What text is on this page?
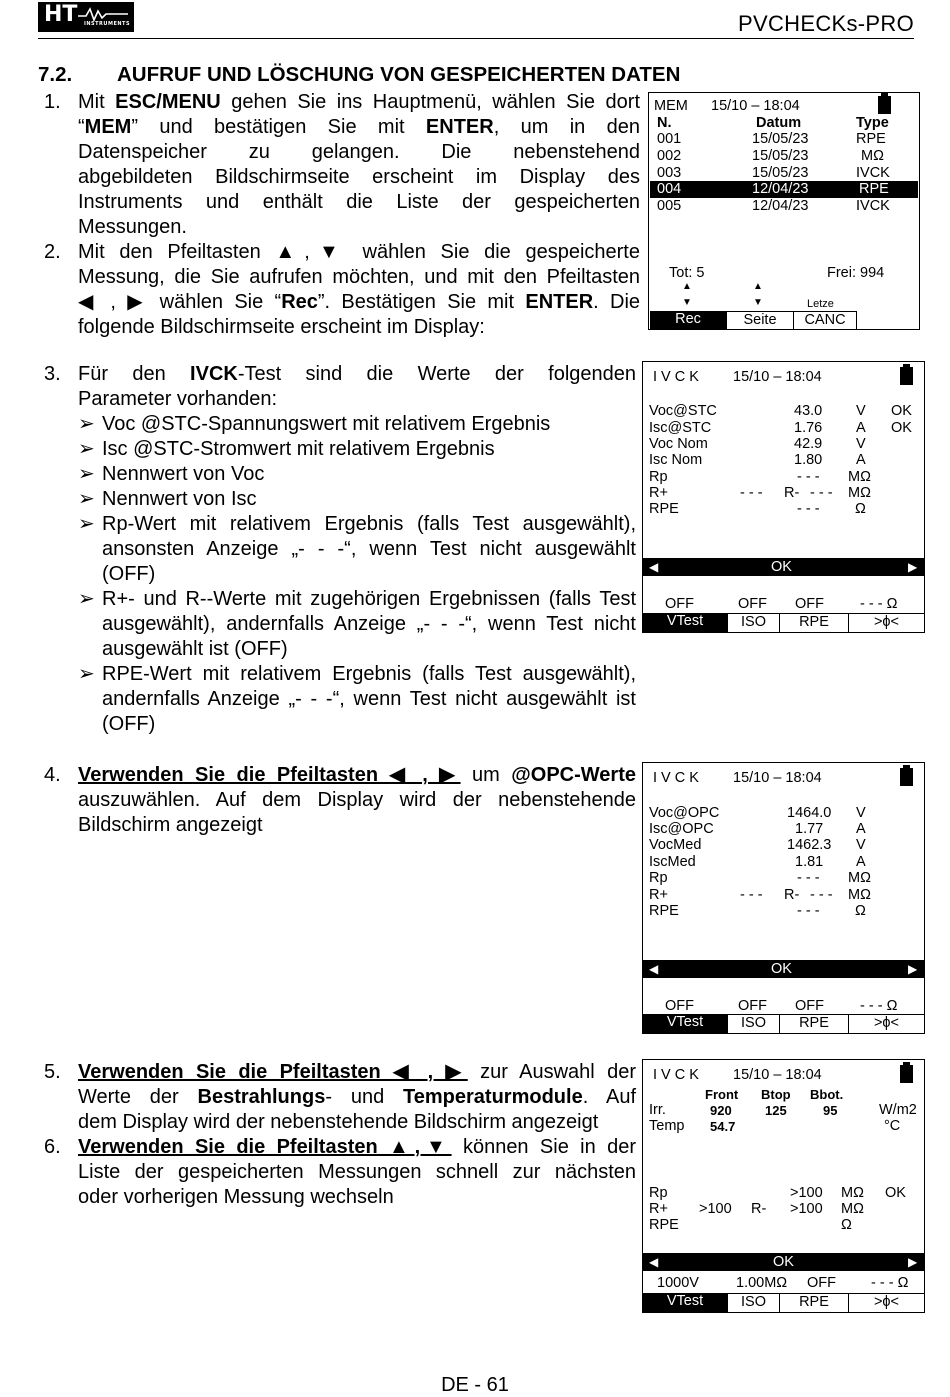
HT INSTRUMENTS	PVCHECKs-PRO
7.2. AUFRUF UND LÖSCHUNG VON GESPEICHERTEN DATEN
1. Mit ESC/MENU gehen Sie ins Hauptmenü, wählen Sie dort
“MEM” und bestätigen Sie mit ENTER, um in den
Datenspeicher zu gelangen. Die nebenstehend
abgebildeten Bildschirmseite erscheint im Display des
Instruments und enthält die Liste der gespeicherten
Messungen.
2. Mit den Pfeiltasten ▲,▼ wählen Sie die gespeicherte
Messung, die Sie aufrufen möchten, und mit den Pfeiltasten
◀ , ▶ wählen Sie “Rec”. Bestätigen Sie mit ENTER. Die
folgende Bildschirmseite erscheint im Display:
MEM 15/10 – 18:04
N.	Datum	Type
001	15/05/23	RPE
002	15/05/23	MΩ
003	15/05/23	IVCK
004	12/04/23	RPE
005	12/04/23	IVCK
Tot: 5	Frei: 994
▲	▲
▼	▼	Letze
Rec	Seite	CANC
3. Für den IVCK-Test sind die Werte der folgenden
Parameter vorhanden:
➢ Voc @STC-Spannungswert mit relativem Ergebnis
➢ Isc @STC-Stromwert mit relativem Ergebnis
➢ Nennwert von Voc
➢ Nennwert von Isc
➢ Rp-Wert mit relativem Ergebnis (falls Test ausgewählt),
ansonsten Anzeige „- - -“, wenn Test nicht ausgewählt
(OFF)
➢ R+- und R--Werte mit zugehörigen Ergebnissen (falls Test
ausgewählt), andernfalls Anzeige „- - -“, wenn Test nicht
ausgewählt ist (OFF)
➢ RPE-Wert mit relativem Ergebnis (falls Test ausgewählt),
andernfalls Anzeige „- - -“, wenn Test nicht ausgewählt ist
(OFF)
I V C K 15/10 – 18:04
Voc@STC	43.0 V OK
Isc@STC	1.76 A OK
Voc Nom	42.9 V
Isc Nom	1.80 A
Rp	- - - MΩ
R+	- - - R- - - - MΩ
RPE	- - - Ω
◀	OK	▶
OFF	OFF OFF - - - Ω
VTest	ISO	RPE	>ϕ<
4. Verwenden Sie die Pfeiltasten ◀ , ▶ um @OPC-Werte
auszuwählen. Auf dem Display wird der nebenstehende
Bildschirm angezeigt
I V C K 15/10 – 18:04
Voc@OPC	1464.0 V
Isc@OPC	1.77 A
VocMed	1462.3 V
IscMed	1.81 A
Rp	- - - MΩ
R+	- - - R- - - - MΩ
RPE	- - - Ω
◀	OK	▶
OFF	OFF OFF - - - Ω
VTest	ISO	RPE	>ϕ<
5. Verwenden Sie die Pfeiltasten ◀ , ▶ zur Auswahl der
Werte der Bestrahlungs- und Temperaturmodule. Auf
dem Display wird der nebenstehende Bildschirm angezeigt
6. Verwenden Sie die Pfeiltasten ▲,▼ können Sie in der
Liste der gespeicherten Messungen schnell zur nächsten
oder vorherigen Messung wechseln
I V C K 15/10 – 18:04
Front Btop Bbot.
Irr.	920	125	95	W/m2
Temp 54.7	°C
Rp	>100 MΩ OK
R+ >100 R- >100 MΩ
RPE	Ω
◀	OK	▶
1000V	1.00MΩ OFF - - - Ω
VTest	ISO	RPE	>ϕ<
DE - 61
